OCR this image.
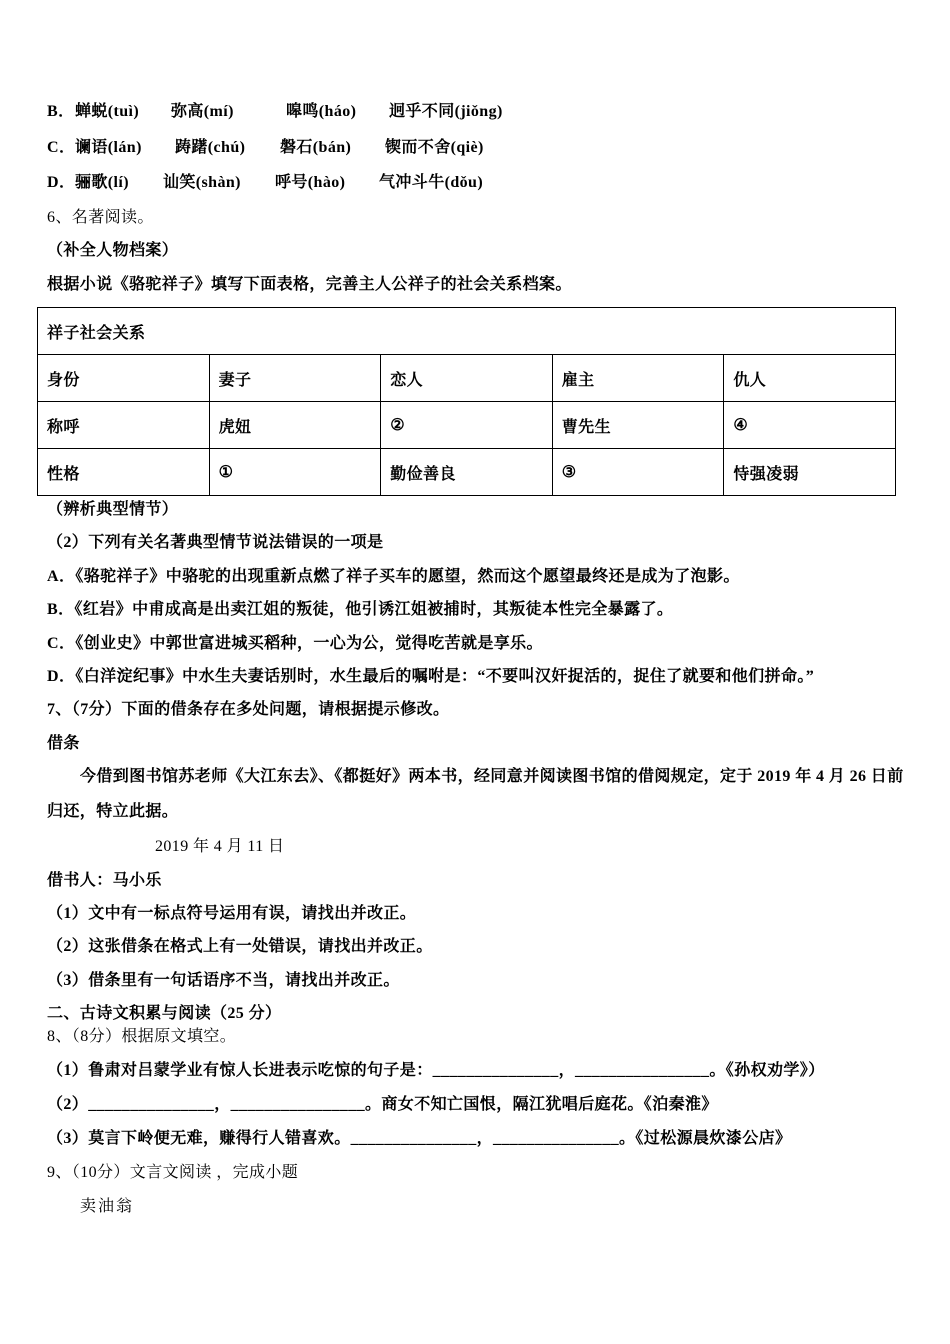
B． 蝉蜕(tuì) 弥高(mí)	嗥鸣(háo) 迥乎不同(jiǒng)
C． 谰语(lán) 踌躇(chú) 磐石(bán) 锲而不舍(qiè)
D． 骊歌(lí) 讪笑(shàn) 呼号(hào) 气冲斗牛(dǒu)
6、名著阅读。
（补全人物档案）
根据小说《骆驼祥子》填写下面表格，完善主人公祥子的社会关系档案。
祥子社会关系				
身份	妻子	恋人	雇主	仇人
称呼	虎妞	②	曹先生	④
性格	①	勤俭善良	③	恃强凌弱
（辨析典型情节）
（2）下列有关名著典型情节说法错误的一项是
A．《骆驼祥子》中骆驼的出现重新点燃了祥子买车的愿望，然而这个愿望最终还是成为了泡影。
B．《红岩》中甫成高是出卖江姐的叛徒，他引诱江姐被捕时，其叛徒本性完全暴露了。
C．《创业史》中郭世富进城买稻种，一心为公，觉得吃苦就是享乐。
D．《白洋淀纪事》中水生夫妻话别时，水生最后的嘱咐是：“不要叫汉奸捉活的，捉住了就要和他们拼命。”
7、（7分）下面的借条存在多处问题，请根据提示修改。
借条
今借到图书馆苏老师《大江东去》、《都挺好》两本书，经同意并阅读图书馆的借阅规定，定于 2019 年 4 月 26 日前
归还，特立此据。
2019 年 4 月 11 日
借书人：马小乐
（1）文中有一标点符号运用有误，请找出并改正。
（2）这张借条在格式上有一处错误，请找出并改正。
（3）借条里有一句话语序不当，请找出并改正。
二、古诗文积累与阅读（25 分）
8、（8分）根据原文填空。
（1）鲁肃对吕蒙学业有惊人长进表示吃惊的句子是：_______________，________________。《孙权劝学》）
（2）_______________，________________。商女不知亡国恨，隔江犹唱后庭花。《泊秦淮》
（3）莫言下岭便无难，赚得行人错喜欢。_______________，_______________。《过松源晨炊漆公店》
9、（10分）文言文阅读 ，完成小题
卖油翁
